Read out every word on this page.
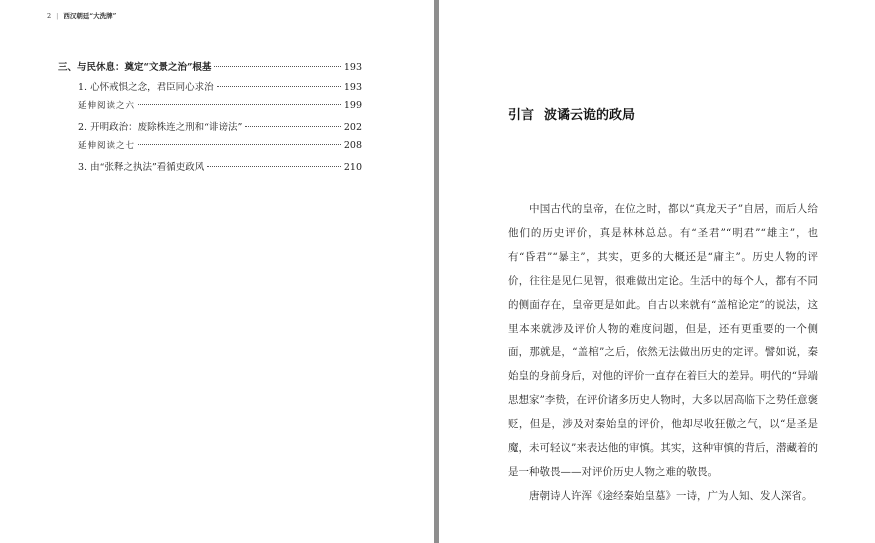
2 | 西汉朝廷“大洗牌”
三、与民休息：奠定“文景之治”根基	193
1. 心怀戒惧之念，君臣同心求治	193
延伸阅读之六	199
2. 开明政治：废除株连之刑和“诽谤法”	202
延伸阅读之七	208
3. 由“张释之执法”看循吏政风	210
引言 波谲云诡的政局

中国古代的皇帝，在位之时，都以“真龙天子”自居，而后人给他们的历史评价，真是林林总总。有“圣君”“明君”“雄主”，也有“昏君”“暴主”，其实，更多的大概还是“庸主”。历史人物的评价，往往是见仁见智，很难做出定论。生活中的每个人，都有不同的侧面存在，皇帝更是如此。自古以来就有“盖棺论定”的说法，这里本来就涉及评价人物的难度问题，但是，还有更重要的一个侧面，那就是，“盖棺”之后，依然无法做出历史的定评。譬如说，秦始皇的身前身后，对他的评价一直存在着巨大的差异。明代的“异端思想家”李贽，在评价诸多历史人物时，大多以居高临下之势任意褒贬，但是，涉及对秦始皇的评价，他却尽收狂傲之气，以“是圣是魔，未可轻议”来表达他的审慎。其实，这种审慎的背后，潜藏着的是一种敬畏——对评价历史人物之难的敬畏。

唐朝诗人许浑《途经秦始皇墓》一诗，广为人知、发人深省。
